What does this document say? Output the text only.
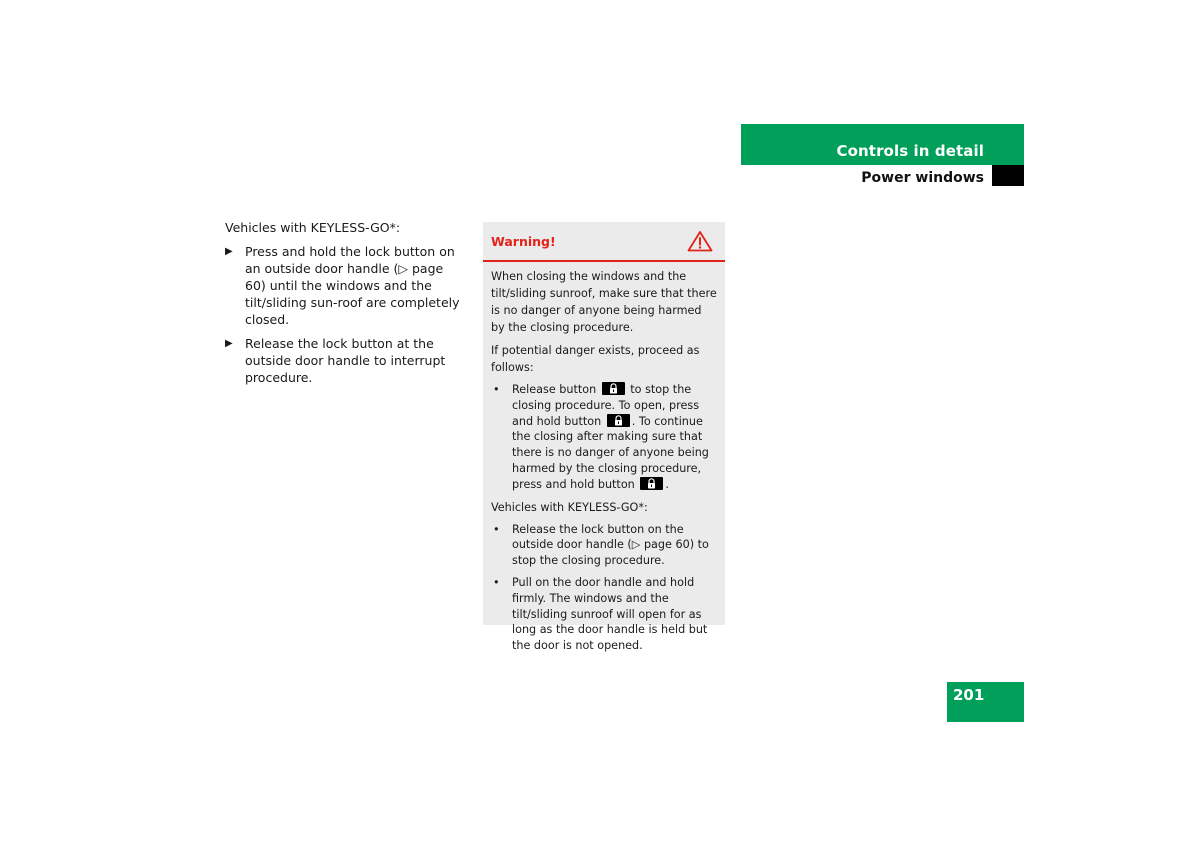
Controls in detail
Power windows

Vehicles with KEYLESS-GO*:

▶ Press and hold the lock button on an outside door handle (▷ page 60) until the windows and the tilt/sliding sun-roof are completely closed.
▶ Release the lock button at the outside door handle to interrupt procedure.
Warning!

When closing the windows and the tilt/sliding sunroof, make sure that there is no danger of anyone being harmed by the closing procedure.

If potential danger exists, proceed as follows:

• Release button	to stop the closing procedure. To open, press and hold button	. To continue the closing after making sure that there is no danger of anyone being harmed by the closing procedure, press and hold button	.

Vehicles with KEYLESS-GO*:

• Release the lock button on the outside door handle (▷ page 60) to stop the closing procedure.
• Pull on the door handle and hold firmly. The windows and the tilt/sliding sunroof will open for as long as the door handle is held but the door is not opened.
201
